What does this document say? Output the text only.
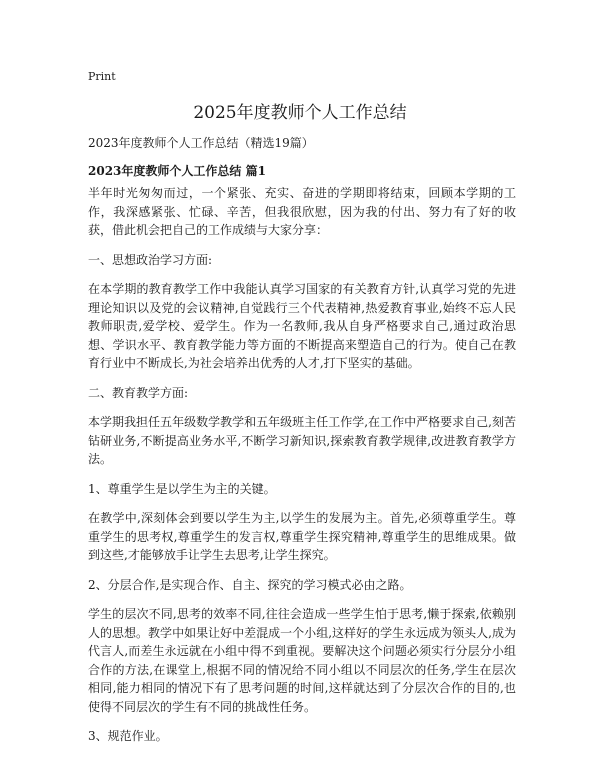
Print
2025年度教师个人工作总结

2023年度教师个人工作总结（精选19篇）

2023年度教师个人工作总结 篇1

半年时光匆匆而过，一个紧张、充实、奋进的学期即将结束，回顾本学期的工作，我深感紧张、忙碌、辛苦，但我很欣慰，因为我的付出、努力有了好的收获，借此机会把自己的工作成绩与大家分享：

一、思想政治学习方面:

在本学期的教育教学工作中我能认真学习国家的有关教育方针,认真学习党的先进理论知识以及党的会议精神,自觉践行三个代表精神,热爱教育事业,始终不忘人民教师职责,爱学校、爱学生。作为一名教师,我从自身严格要求自己,通过政治思想、学识水平、教育教学能力等方面的不断提高来塑造自己的行为。使自己在教育行业中不断成长,为社会培养出优秀的人才,打下坚实的基础。

二、教育教学方面:

本学期我担任五年级数学教学和五年级班主任工作学,在工作中严格要求自己,刻苦钻研业务,不断提高业务水平,不断学习新知识,探索教育教学规律,改进教育教学方法。

1、尊重学生是以学生为主的关键。

在教学中,深刻体会到要以学生为主,以学生的发展为主。首先,必须尊重学生。尊重学生的思考权,尊重学生的发言权,尊重学生探究精神,尊重学生的思维成果。做到这些,才能够放手让学生去思考,让学生探究。

2、分层合作,是实现合作、自主、探究的学习模式必由之路。

学生的层次不同,思考的效率不同,往往会造成一些学生怕于思考,懒于探索,依赖别人的思想。教学中如果让好中差混成一个小组,这样好的学生永远成为领头人,成为代言人,而差生永远就在小组中得不到重视。要解决这个问题必须实行分层分小组合作的方法,在课堂上,根据不同的情况给不同小组以不同层次的任务,学生在层次相同,能力相同的情况下有了思考问题的时间,这样就达到了分层次合作的目的,也使得不同层次的学生有不同的挑战性任务。

3、规范作业。
